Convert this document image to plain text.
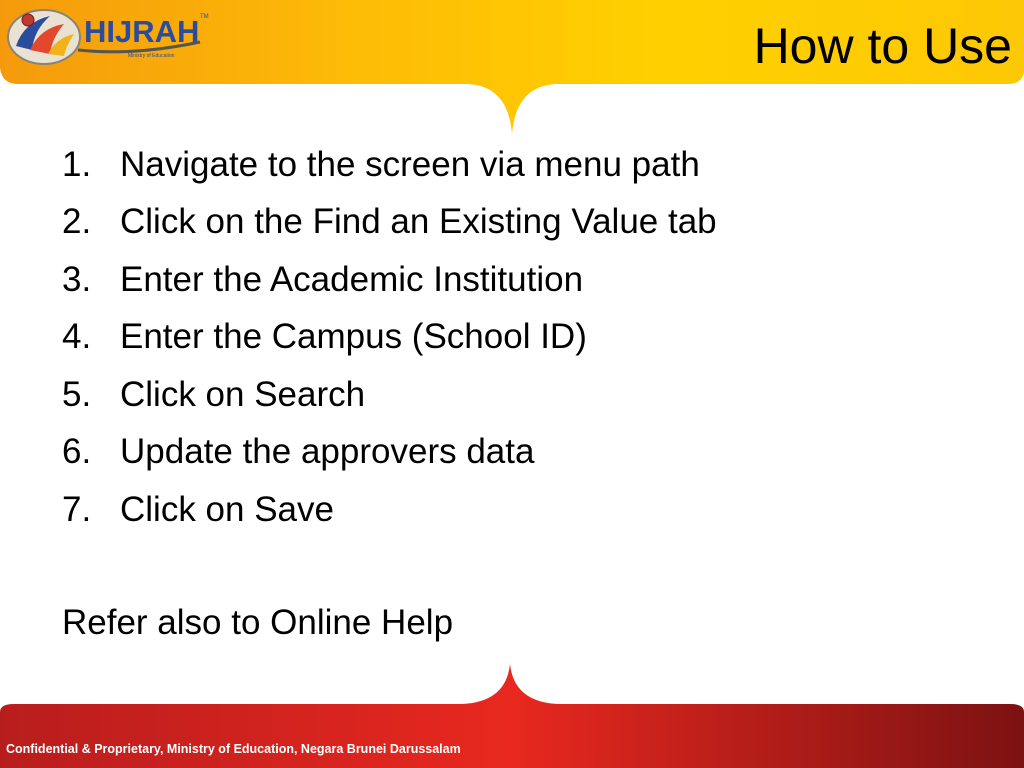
HIJRAH TM
Ministry of Education	How to Use
1. Navigate to the screen via menu path
2. Click on the Find an Existing Value tab
3. Enter the Academic Institution
4. Enter the Campus (School ID)
5. Click on Search
6. Update the approvers data
7. Click on Save

Refer also to Online Help

Confidential & Proprietary, Ministry of Education, Negara Brunei Darussalam
